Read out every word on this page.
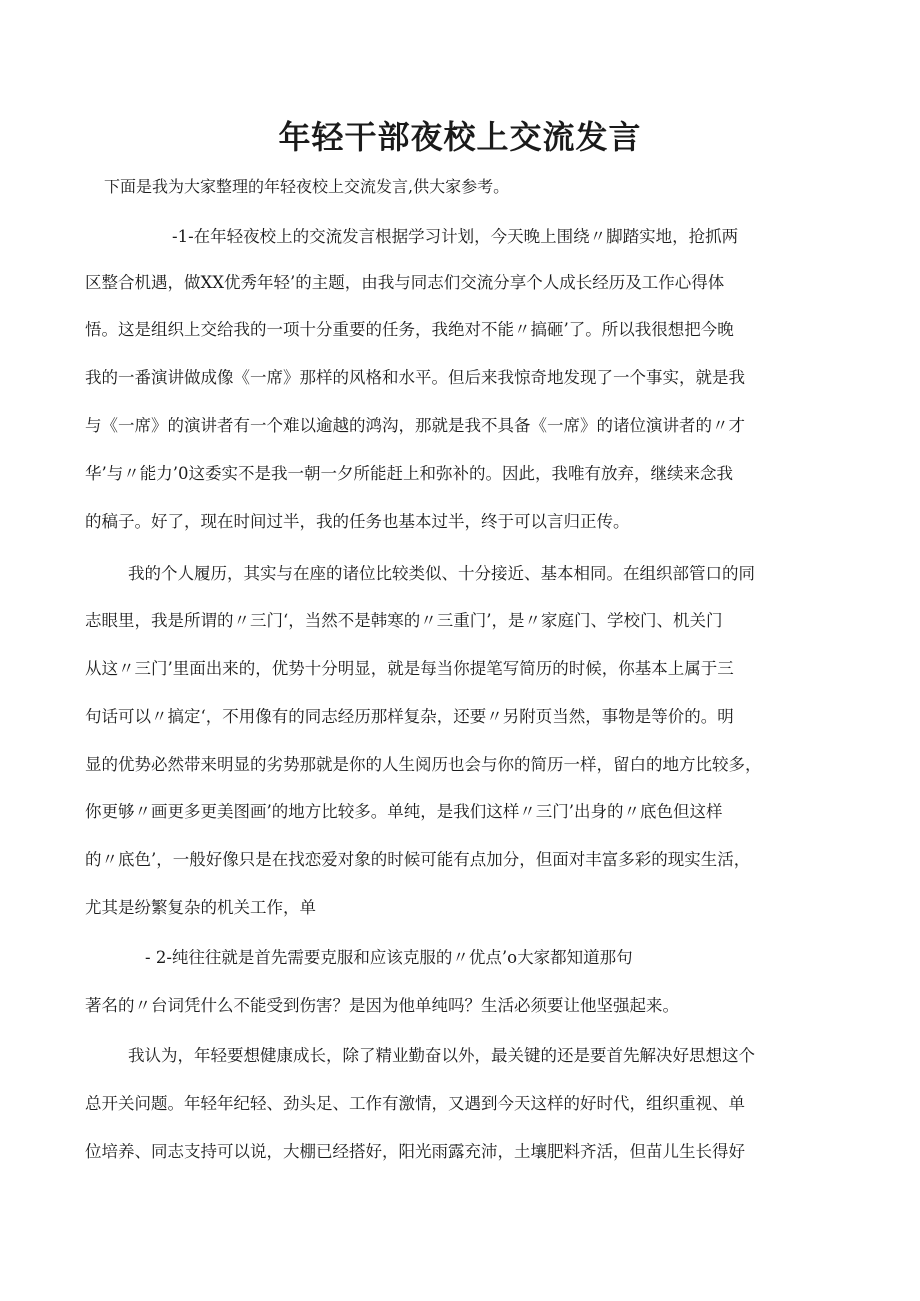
年轻干部夜校上交流发言

下面是我为大家整理的年轻夜校上交流发言,供大家参考。

-1-在年轻夜校上的交流发言根据学习计划，今天晚上围绕〃脚踏实地，抢抓两

区整合机遇，做XX优秀年轻’的主题，由我与同志们交流分享个人成长经历及工作心得体

悟。这是组织上交给我的一项十分重要的任务，我绝对不能〃搞砸’了。所以我很想把今晚

我的一番演讲做成像《一席》那样的风格和水平。但后来我惊奇地发现了一个事实，就是我

与《一席》的演讲者有一个难以逾越的鸿沟，那就是我不具备《一席》的诸位演讲者的〃才

华’与〃能力’0这委实不是我一朝一夕所能赶上和弥补的。因此，我唯有放弃，继续来念我

的稿子。好了，现在时间过半，我的任务也基本过半，终于可以言归正传。

我的个人履历，其实与在座的诸位比较类似、十分接近、基本相同。在组织部管口的同

志眼里，我是所谓的〃三门‘，当然不是韩寒的〃三重门’，是〃家庭门、学校门、机关门

从这〃三门’里面出来的，优势十分明显，就是每当你提笔写简历的时候，你基本上属于三

句话可以〃搞定‘，不用像有的同志经历那样复杂，还要〃另附页当然，事物是等价的。明

显的优势必然带来明显的劣势那就是你的人生阅历也会与你的简历一样，留白的地方比较多，

你更够〃画更多更美图画’的地方比较多。单纯，是我们这样〃三门’出身的〃底色但这样

的〃底色’，一般好像只是在找恋爱对象的时候可能有点加分，但面对丰富多彩的现实生活，

尤其是纷繁复杂的机关工作，单

- 2-纯往往就是首先需要克服和应该克服的〃优点’o大家都知道那句

著名的〃台词凭什么不能受到伤害？是因为他单纯吗？生活必须要让他坚强起来。

我认为，年轻要想健康成长，除了精业勤奋以外，最关键的还是要首先解决好思想这个

总开关问题。年轻年纪轻、劲头足、工作有激情，又遇到今天这样的好时代，组织重视、单

位培养、同志支持可以说，大棚已经搭好，阳光雨露充沛，土壤肥料齐活，但苗儿生长得好
